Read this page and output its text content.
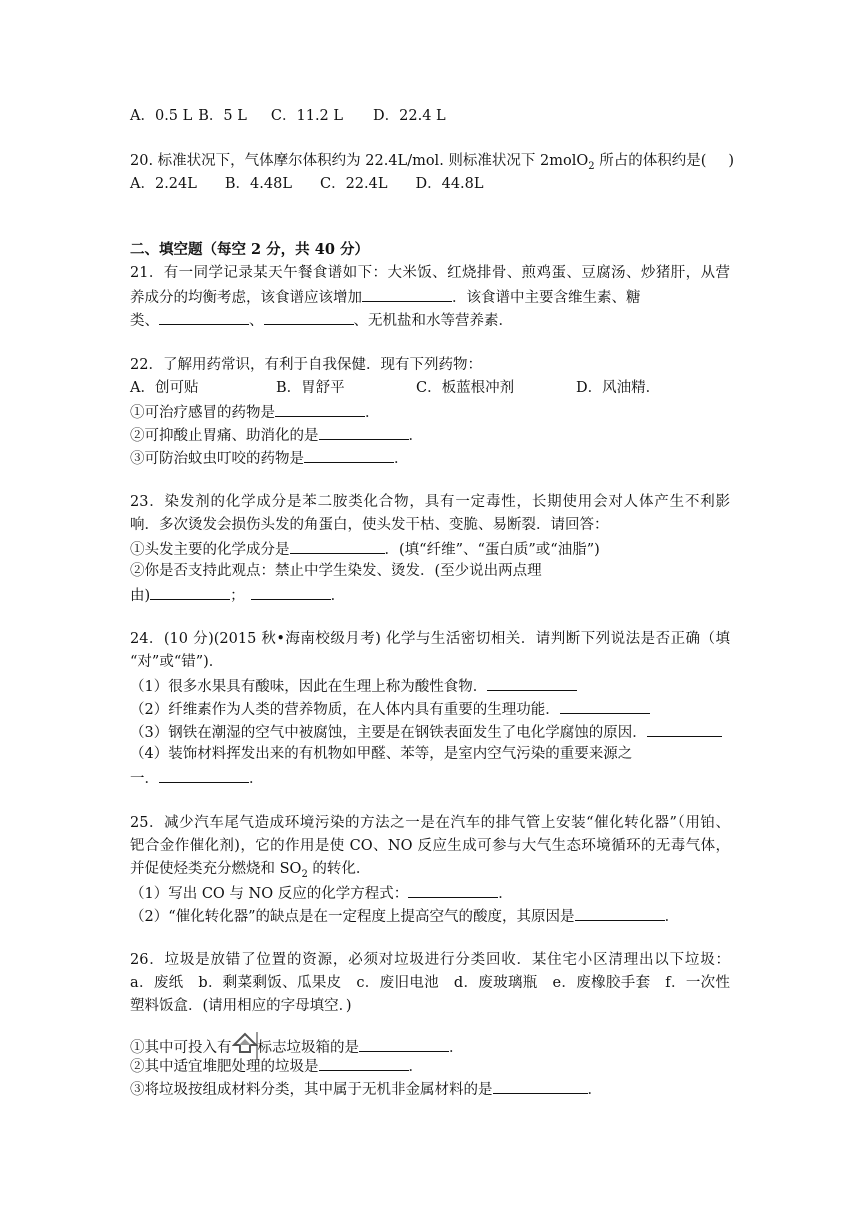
A．0.5 L B．5 L C．11.2 L D．22.4 L
20. 标准状况下，气体摩尔体积约为 22.4L/mol. 则标准状况下 2molO$_2$ 所占的体积约是( )
A．2.24L B．4.48L C．22.4L D．44.8L
二、填空题（每空 2 分，共 40 分）
21．有一同学记录某天午餐食谱如下：大米饭、红烧排骨、煎鸡蛋、豆腐汤、炒猪肝，从营
养成分的均衡考虑，该食谱应该增加	．该食谱中主要含维生素、糖
类、	、	、无机盐和水等营养素．
22．了解用药常识，有利于自我保健．现有下列药物：
A．创可贴	B．胃舒平	C．板蓝根冲剂	D．风油精．
①可治疗感冒的药物是	．
②可抑酸止胃痛、助消化的是	．
③可防治蚊虫叮咬的药物是	．
23．染发剂的化学成分是苯二胺类化合物，具有一定毒性，长期使用会对人体产生不利影
响．多次烫发会损伤头发的角蛋白，使头发干枯、变脆、易断裂．请回答：
①头发主要的化学成分是	．(填“纤维”、“蛋白质”或“油脂”)
②你是否支持此观点：禁止中学生染发、烫发．(至少说出两点理
由)	；	．
24．(10 分)(2015 秋•海南校级月考) 化学与生活密切相关．请判断下列说法是否正确（填
“对”或“错”)．
（1）很多水果具有酸味，因此在生理上称为酸性食物．
（2）纤维素作为人类的营养物质，在人体内具有重要的生理功能．
（3）钢铁在潮湿的空气中被腐蚀，主要是在钢铁表面发生了电化学腐蚀的原因．
（4）装饰材料挥发出来的有机物如甲醛、苯等，是室内空气污染的重要来源之
一．	．
25．减少汽车尾气造成环境污染的方法之一是在汽车的排气管上安装“催化转化器”（用铂、
钯合金作催化剂)，它的作用是使 CO、NO 反应生成可参与大气生态环境循环的无毒气体，
并促使烃类充分燃烧和 $SO_2$ 的转化．
（1）写出 CO 与 NO 反应的化学方程式：	．
（2）“催化转化器”的缺点是在一定程度上提高空气的酸度，其原因是	．
26．垃圾是放错了位置的资源，必须对垃圾进行分类回收．某住宅小区清理出以下垃圾：
a．废纸　b．剩菜剩饭、瓜果皮　c．废旧电池　d．废玻璃瓶　e．废橡胶手套　f．一次性
塑料饭盒．(请用相应的字母填空．)
①其中可投入有 标志垃圾箱的是	．
②其中适宜堆肥处理的垃圾是	．
③将垃圾按组成材料分类，其中属于无机非金属材料的是	．
